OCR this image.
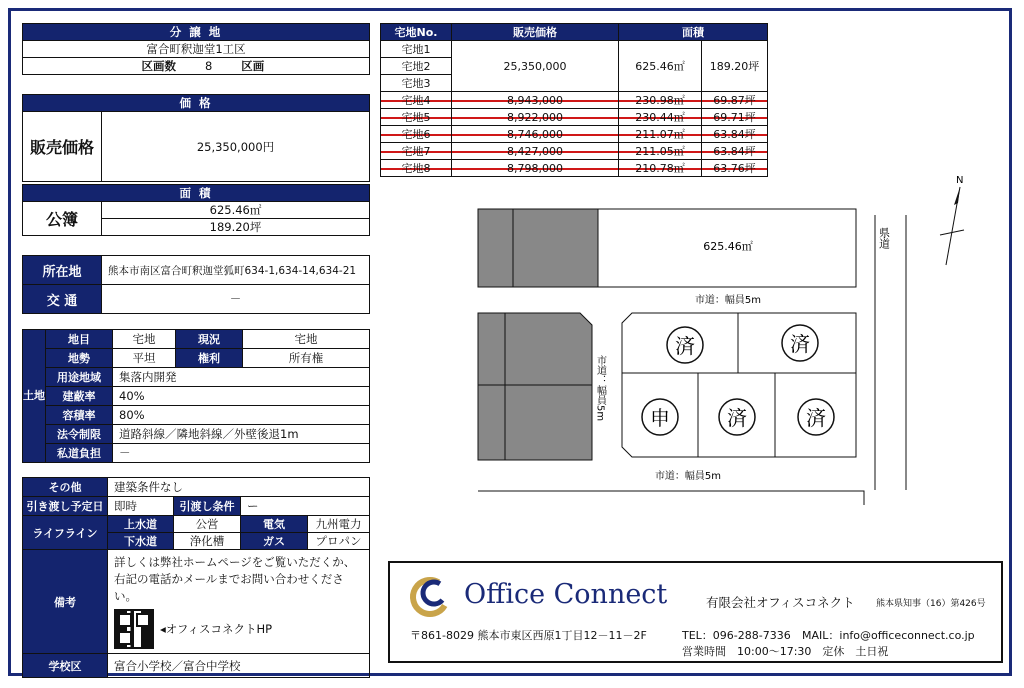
分 譲 地
富合町釈迦堂1工区
区画数	8	区画
価 格
販売価格	25,350,000円
面 積
公簿	625.46㎡
189.20坪
所在地	熊本市南区富合町釈迦堂狐町634-1,634-14,634-21
交 通	－
土地	地目	宅地	現況	宅地
	地勢	平坦	権利	所有権
	用途地域	集落内開発		
	建蔽率	40%		
	容積率	80%		
	法令制限	道路斜線／隣地斜線／外壁後退1m		
	私道負担	－		
その他	建築条件なし			
引き渡し予定日	即時	引渡し条件	ー	
ライフライン	上水道	公営	電気	九州電力
	下水道	浄化槽	ガス	プロパン
備考	詳しくは弊社ホームページをご覧いただくか、
右記の電話かメールまでお問い合わせください。
◂オフィスコネクトHP			

学校区	富合小学校／富合中学校			
宅地No.	販売価格	面積	
宅地1	25,350,000	625.46㎡	189.20坪
宅地2			
宅地3			
宅地4	8,943,000	230.98㎡	69.87坪
宅地5	8,922,000	230.44㎡	69.71坪
宅地6	8,746,000	211.07㎡	63.84坪
宅地7	8,427,000	211.05㎡	63.84坪
宅地8	8,798,000	210.78㎡	63.76坪
N
県道
625.46㎡
市道：幅員5m
市道：幅員5m
済	済
申	済	済
市道：幅員5m
Office Connect	有限会社オフィスコネクト 熊本県知事（16）第426号
〒861-8029 熊本市東区西原1丁目12－11－2F	TEL：096-288-7336 MAIL：info@officeconnect.co.jp
営業時間　10:00～17:30　定休　土日祝
